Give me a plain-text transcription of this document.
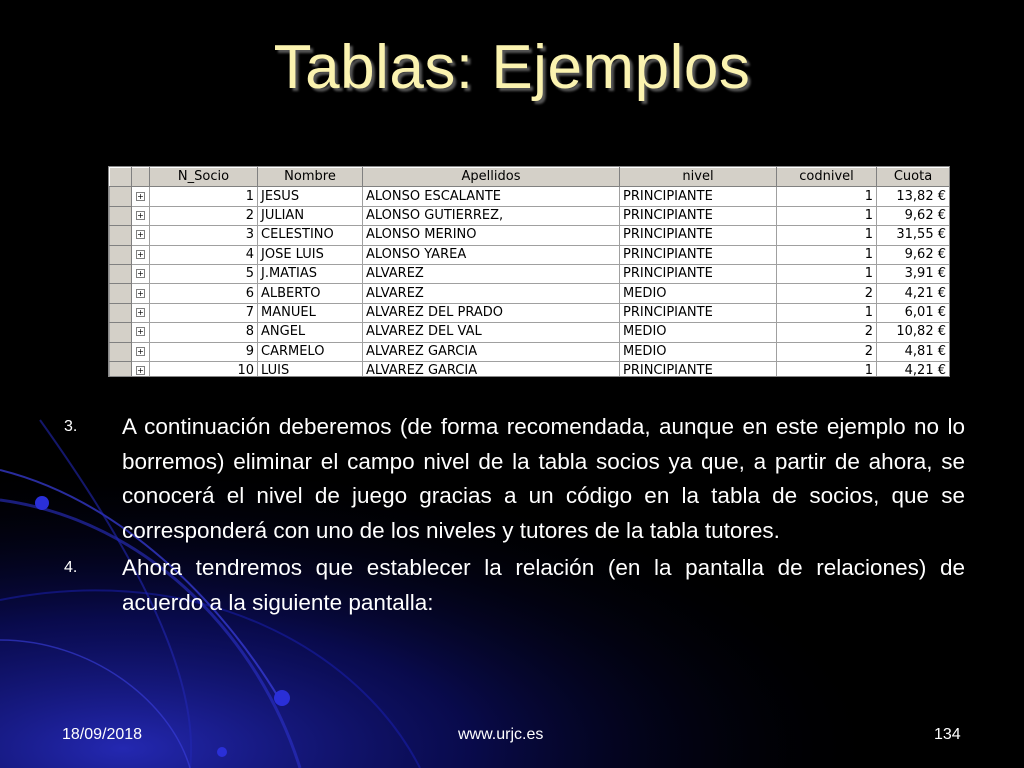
Tablas: Ejemplos
		N_Socio	Nombre	Apellidos	nivel	codnivel	Cuota
	+	1	JESUS	ALONSO ESCALANTE	PRINCIPIANTE	1	13,82 €
	+	2	JULIAN	ALONSO GUTIERREZ,	PRINCIPIANTE	1	9,62 €
	+	3	CELESTINO	ALONSO MERINO	PRINCIPIANTE	1	31,55 €
	+	4	JOSE LUIS	ALONSO YAREA	PRINCIPIANTE	1	9,62 €
	+	5	J.MATIAS	ALVAREZ	PRINCIPIANTE	1	3,91 €
	+	6	ALBERTO	ALVAREZ	MEDIO	2	4,21 €
	+	7	MANUEL	ALVAREZ DEL PRADO	PRINCIPIANTE	1	6,01 €
	+	8	ANGEL	ALVAREZ DEL VAL	MEDIO	2	10,82 €
	+	9	CARMELO	ALVAREZ GARCIA	MEDIO	2	4,81 €
	+	10	LUIS	ALVAREZ GARCIA	PRINCIPIANTE	1	4,21 €
3.	A continuación deberemos (de forma recomendada, aunque en este ejemplo no lo borremos) eliminar el campo nivel de la tabla socios ya que, a partir de ahora, se conocerá el nivel de juego gracias a un código en la tabla de socios, que se corresponderá con uno de los niveles y tutores de la tabla tutores.
4.	Ahora tendremos que establecer la relación (en la pantalla de relaciones) de acuerdo a la siguiente pantalla:
18/09/2018	www.urjc.es	134
